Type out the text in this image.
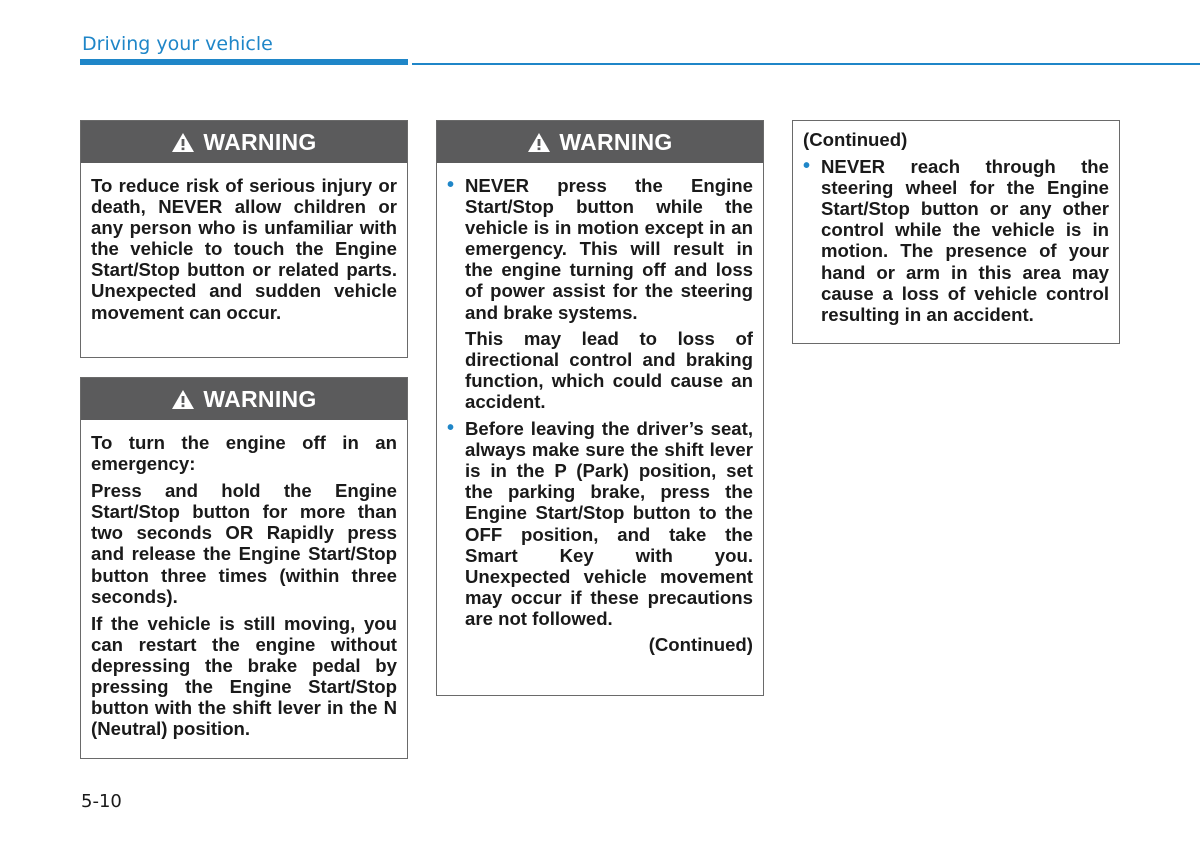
Driving your vehicle
WARNING

To reduce risk of serious injury or death, NEVER allow children or any person who is unfamiliar with the vehicle to touch the Engine Start/Stop button or related parts. Unexpected and sudden vehicle movement can occur.

WARNING

To turn the engine off in an emergency:

Press and hold the Engine Start/Stop button for more than two seconds OR Rapidly press and release the Engine Start/Stop button three times (within three seconds).

If the vehicle is still moving, you can restart the engine without depressing the brake pedal by pressing the Engine Start/Stop button with the shift lever in the N (Neutral) position.

WARNING
• NEVER press the Engine Start/Stop button while the vehicle is in motion except in an emergency. This will result in the engine turning off and loss of power assist for the steering and brake systems.

This may lead to loss of directional control and braking function, which could cause an accident.

• Before leaving the driver’s seat, always make sure the shift lever is in the P (Park) position, set the parking brake, press the Engine Start/Stop button to the OFF position, and take the Smart Key with you. Unexpected vehicle movement may occur if these precautions are not followed.

(Continued)

(Continued)

• NEVER reach through the steering wheel for the Engine Start/Stop button or any other control while the vehicle is in motion. The presence of your hand or arm in this area may cause a loss of vehicle control resulting in an accident.
5-10
